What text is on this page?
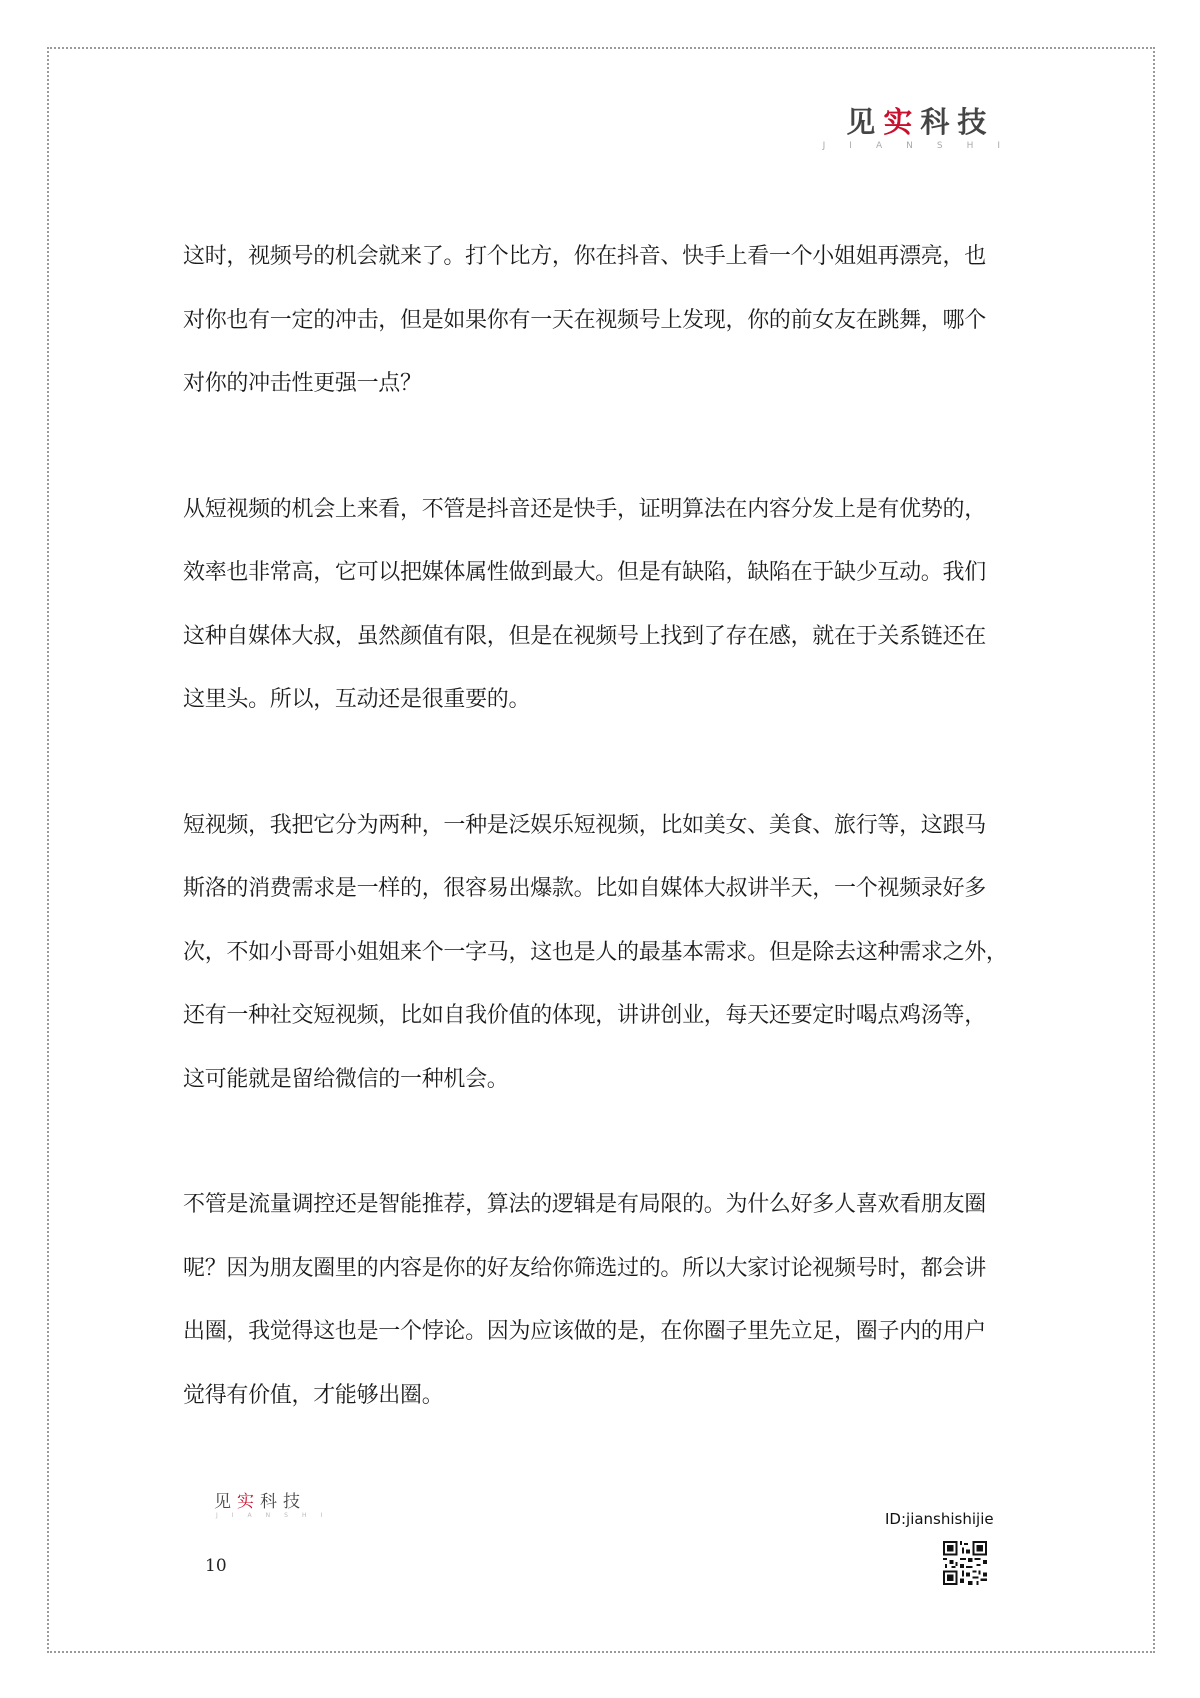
见实科技
JIANSHI
这时，视频号的机会就来了。打个比方，你在抖音、快手上看一个小姐姐再漂亮，也
对你也有一定的冲击，但是如果你有一天在视频号上发现，你的前女友在跳舞，哪个
对你的冲击性更强一点？
从短视频的机会上来看，不管是抖音还是快手，证明算法在内容分发上是有优势的，
效率也非常高，它可以把媒体属性做到最大。但是有缺陷，缺陷在于缺少互动。我们
这种自媒体大叔，虽然颜值有限，但是在视频号上找到了存在感，就在于关系链还在
这里头。所以，互动还是很重要的。
短视频，我把它分为两种，一种是泛娱乐短视频，比如美女、美食、旅行等，这跟马
斯洛的消费需求是一样的，很容易出爆款。比如自媒体大叔讲半天，一个视频录好多
次，不如小哥哥小姐姐来个一字马，这也是人的最基本需求。但是除去这种需求之外，
还有一种社交短视频，比如自我价值的体现，讲讲创业，每天还要定时喝点鸡汤等，
这可能就是留给微信的一种机会。
不管是流量调控还是智能推荐，算法的逻辑是有局限的。为什么好多人喜欢看朋友圈
呢？因为朋友圈里的内容是你的好友给你筛选过的。所以大家讨论视频号时，都会讲
出圈，我觉得这也是一个悖论。因为应该做的是，在你圈子里先立足，圈子内的用户
觉得有价值，才能够出圈。
见实科技
JIANSHI
10
ID:jianshishijie
